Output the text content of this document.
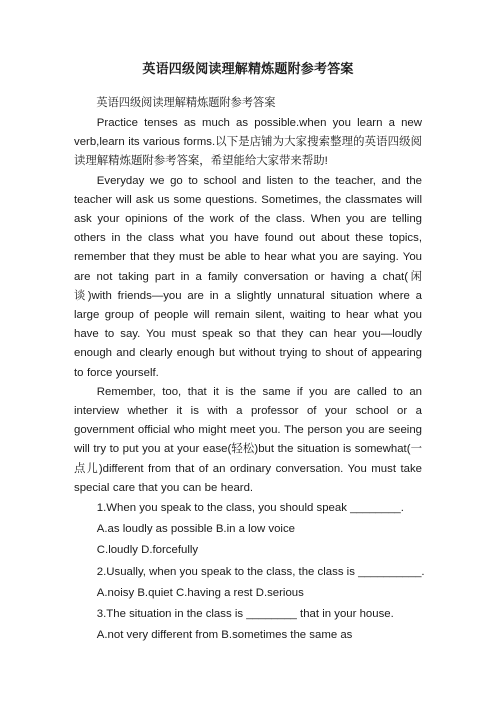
英语四级阅读理解精炼题附参考答案

英语四级阅读理解精炼题附参考答案

Practice tenses as much as possible.when you learn a new verb,learn its various forms.以下是店铺为大家搜索整理的英语四级阅读理解精炼题附参考答案，希望能给大家带来帮助!

Everyday we go to school and listen to the teacher, and the teacher will ask us some questions. Sometimes, the classmates will ask your opinions of the work of the class. When you are telling others in the class what you have found out about these topics, remember that they must be able to hear what you are saying. You are not taking part in a family conversation or having a chat(闲谈)with friends—you are in a slightly unnatural situation where a large group of people will remain silent, waiting to hear what you have to say. You must speak so that they can hear you—loudly enough and clearly enough but without trying to shout of appearing to force yourself.

Remember, too, that it is the same if you are called to an interview whether it is with a professor of your school or a government official who might meet you. The person you are seeing will try to put you at your ease(轻松)but the situation is somewhat(一点儿)different from that of an ordinary conversation. You must take special care that you can be heard.

1.When you speak to the class, you should speak ________.

A.as loudly as possible B.in a low voice

C.loudly D.forcefully

2.Usually, when you speak to the class, the class is __________.

A.noisy B.quiet C.having a rest D.serious

3.The situation in the class is ________ that in your house.

A.not very different from B.sometimes the same as
